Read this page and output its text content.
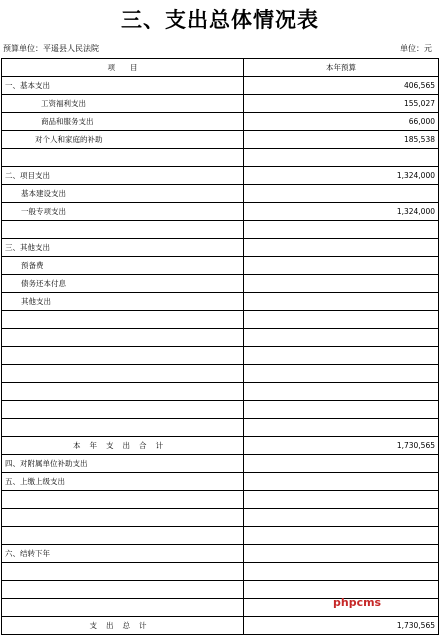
三、支出总体情况表
预算单位：平遥县人民法院	单位：元
项　　目	本年预算
一、基本支出	406,565
工资福利支出	155,027
商品和服务支出	66,000
对个人和家庭的补助	185,538

二、项目支出	1,324,000
基本建设支出	
一般专项支出	1,324,000

三、其他支出	
预备费	
债务还本付息	
其他支出	

本年支出合计	1,730,565
四、对附属单位补助支出	
五、上缴上级支出	

六、结转下年	

支出总计	1,730,565
phpcms
